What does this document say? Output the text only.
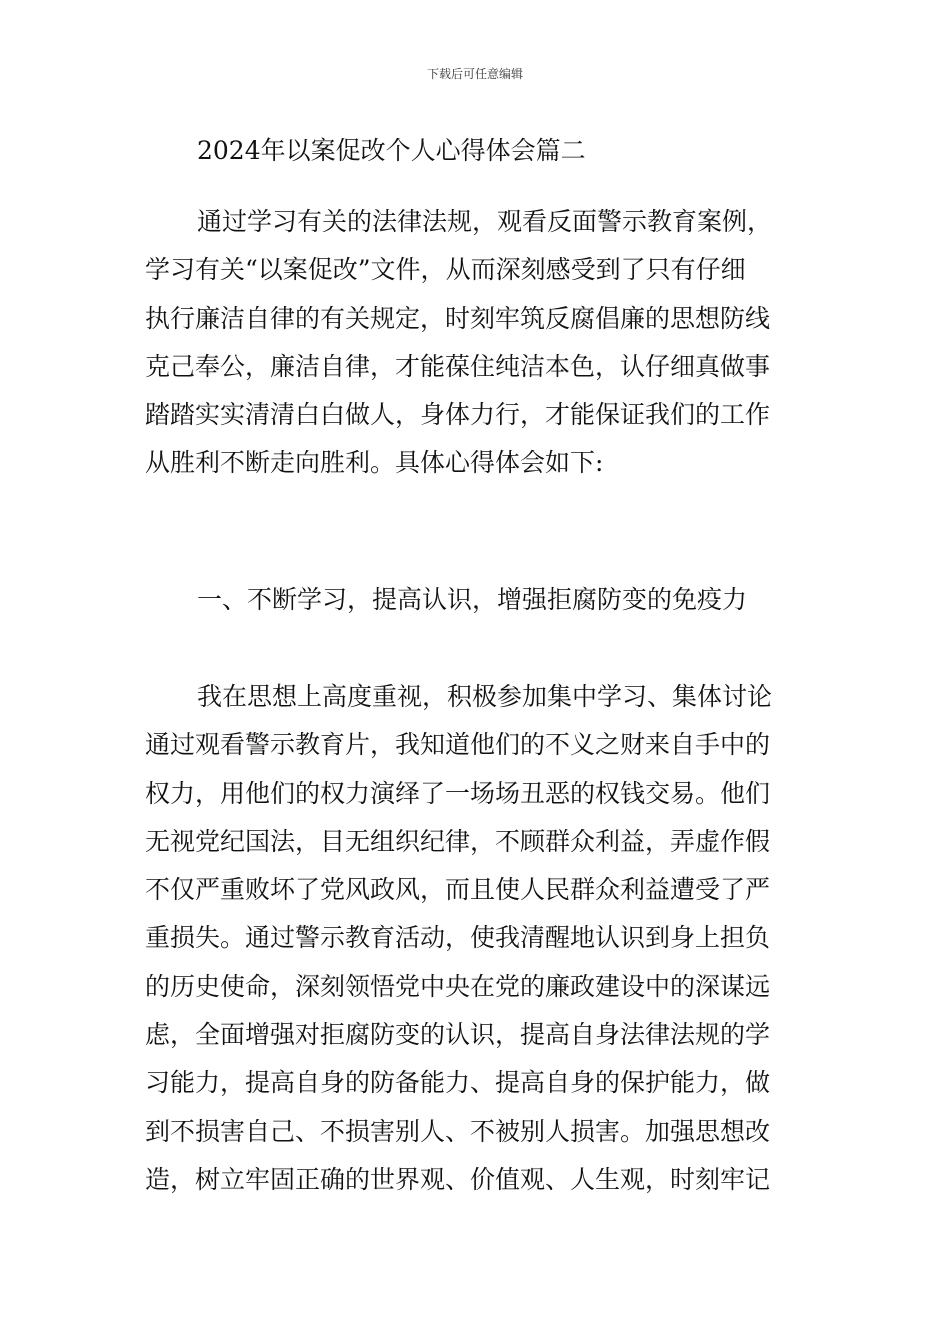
下载后可任意编辑
2024年以案促改个人心得体会篇二
通过学习有关的法律法规，观看反面警示教育案例，
学习有关“以案促改”文件，从而深刻感受到了只有仔细
执行廉洁自律的有关规定，时刻牢筑反腐倡廉的思想防线
克己奉公，廉洁自律，才能葆住纯洁本色，认仔细真做事
踏踏实实清清白白做人，身体力行，才能保证我们的工作
从胜利不断走向胜利。具体心得体会如下:
一、不断学习，提高认识，增强拒腐防变的免疫力
我在思想上高度重视，积极参加集中学习、集体讨论
通过观看警示教育片，我知道他们的不义之财来自手中的
权力，用他们的权力演绎了一场场丑恶的权钱交易。他们
无视党纪国法，目无组织纪律，不顾群众利益，弄虚作假
不仅严重败坏了党风政风，而且使人民群众利益遭受了严
重损失。通过警示教育活动，使我清醒地认识到身上担负
的历史使命，深刻领悟党中央在党的廉政建设中的深谋远
虑，全面增强对拒腐防变的认识，提高自身法律法规的学
习能力，提高自身的防备能力、提高自身的保护能力，做
到不损害自己、不损害别人、不被别人损害。加强思想改
造，树立牢固正确的世界观、价值观、人生观，时刻牢记
